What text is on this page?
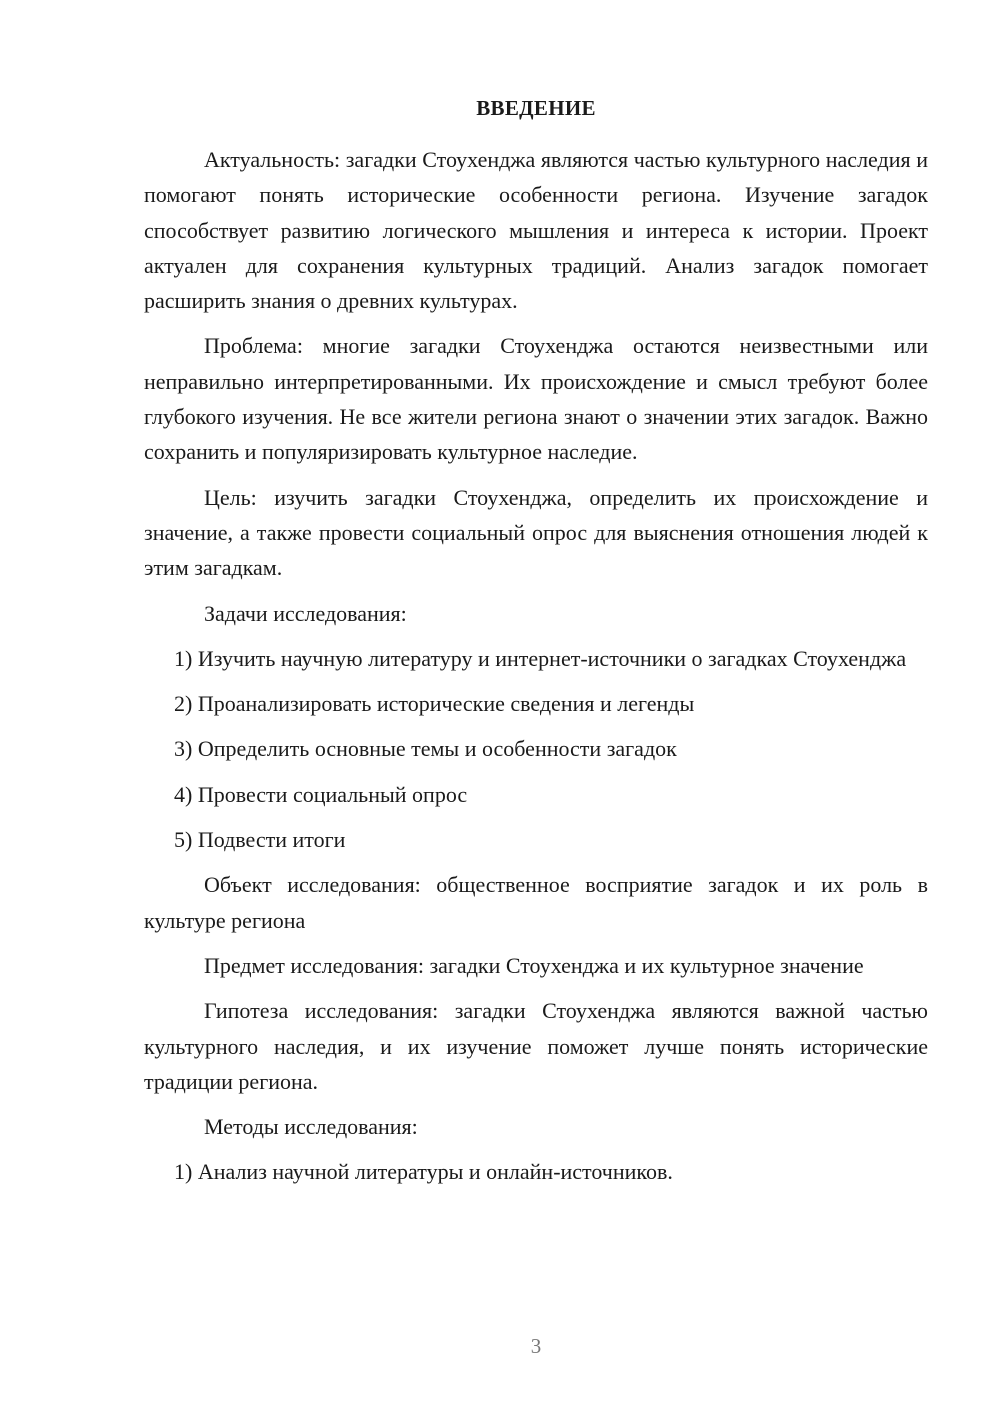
ВВЕДЕНИЕ

Актуальность: загадки Стоухенджа являются частью культурного наследия и помогают понять исторические особенности региона. Изучение загадок способствует развитию логического мышления и интереса к истории. Проект актуален для сохранения культурных традиций. Анализ загадок помогает расширить знания о древних культурах.

Проблема: многие загадки Стоухенджа остаются неизвестными или неправильно интерпретированными. Их происхождение и смысл требуют более глубокого изучения. Не все жители региона знают о значении этих загадок. Важно сохранить и популяризировать культурное наследие.

Цель: изучить загадки Стоухенджа, определить их происхождение и значение, а также провести социальный опрос для выяснения отношения людей к этим загадкам.

Задачи исследования:

1) Изучить научную литературу и интернет-источники о загадках Стоухенджа

2) Проанализировать исторические сведения и легенды

3) Определить основные темы и особенности загадок

4) Провести социальный опрос

5) Подвести итоги

Объект исследования: общественное восприятие загадок и их роль в культуре региона

Предмет исследования: загадки Стоухенджа и их культурное значение

Гипотеза исследования: загадки Стоухенджа являются важной частью культурного наследия, и их изучение поможет лучше понять исторические традиции региона.

Методы исследования:

1) Анализ научной литературы и онлайн-источников.

3
